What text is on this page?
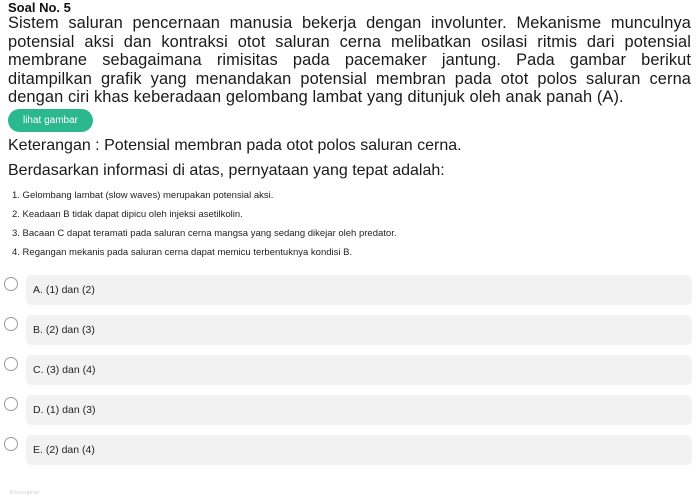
Soal No. 5
Sistem saluran pencernaan manusia bekerja dengan involunter. Mekanisme munculnya potensial aksi dan kontraksi otot saluran cerna melibatkan osilasi ritmis dari potensial membrane sebagaimana rimisitas pada pacemaker jantung. Pada gambar berikut ditampilkan grafik yang menandakan potensial membran pada otot polos saluran cerna dengan ciri khas keberadaan gelombang lambat yang ditunjuk oleh anak panah (A).
lihat gambar
Keterangan : Potensial membran pada otot polos saluran cerna.
Berdasarkan informasi di atas, pernyataan yang tepat adalah:
1. Gelombang lambat (slow waves) merupakan potensial aksi.
2. Keadaan B tidak dapat dipicu oleh injeksi asetilkolin.
3. Bacaan C dapat teramati pada saluran cerna mangsa yang sedang dikejar oleh predator.
4. Regangan mekanis pada saluran cerna dapat memicu terbentuknya kondisi B.
A. (1) dan (2)
B. (2) dan (3)
C. (3) dan (4)
D. (1) dan (3)
E. (2) dan (4)
Kosongkan
